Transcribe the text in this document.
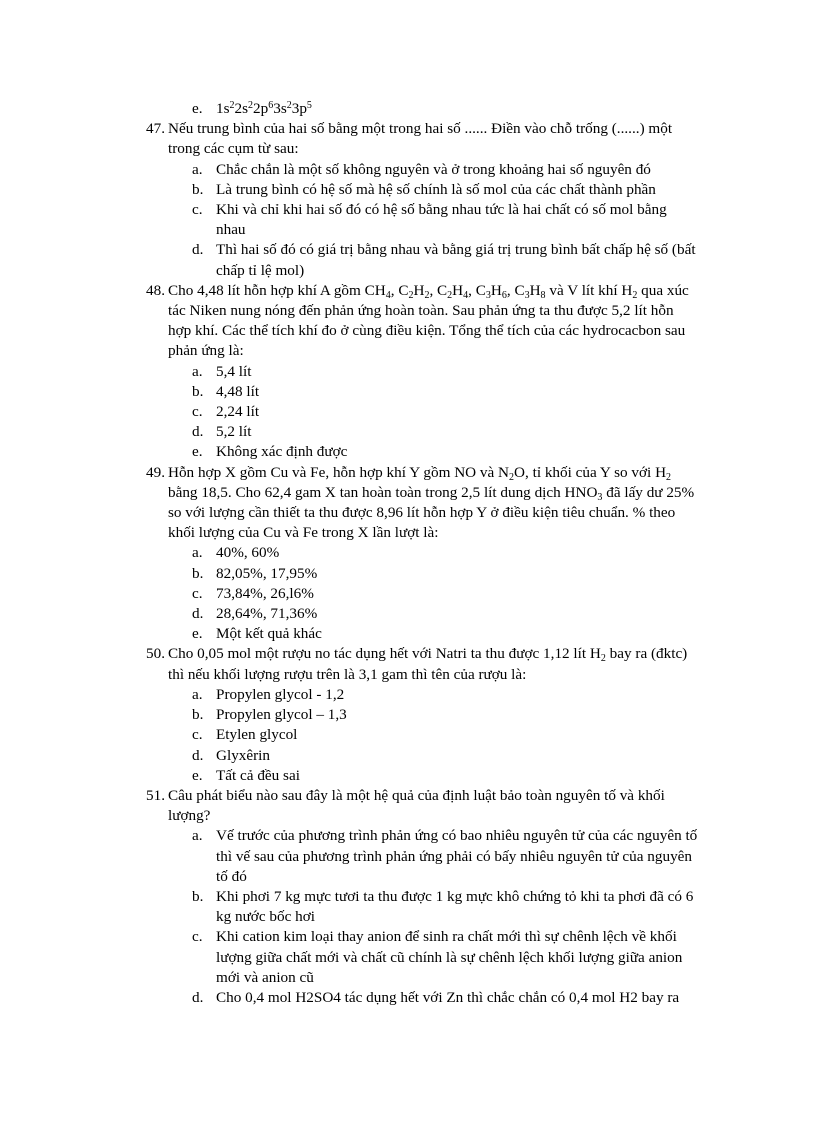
e. $1s^22s^22p^63s^23p^5$
47. Nếu trung bình của hai số bằng một trong hai số ...... Điền vào chỗ trống (......) một trong các cụm từ sau:
a. Chắc chắn là một số không nguyên và ở trong khoảng hai số nguyên đó
b. Là trung bình có hệ số mà hệ số chính là số mol của các chất thành phần
c. Khi và chỉ khi hai số đó có hệ số bằng nhau tức là hai chất có số mol bằng nhau
d. Thì hai số đó có giá trị bằng nhau và bằng giá trị trung bình bất chấp hệ số (bất chấp tỉ lệ mol)
48. Cho 4,48 lít hỗn hợp khí A gồm $CH_4$, $C_2H_2$, $C_2H_4$, $C_3H_6$, $C_3H_8$ và V lít khí $H_2$ qua xúc tác Niken nung nóng đến phản ứng hoàn toàn. Sau phản ứng ta thu được 5,2 lít hỗn hợp khí. Các thể tích khí đo ở cùng điều kiện. Tổng thể tích của các hydrocacbon sau phản ứng là:
a. 5,4 lít
b. 4,48 lít
c. 2,24 lít
d. 5,2 lít
e. Không xác định được
49. Hỗn hợp X gồm Cu và Fe, hỗn hợp khí Y gồm NO và $N_2O$, tỉ khối của Y so với $H_2$ bằng 18,5. Cho 62,4 gam X tan hoàn toàn trong 2,5 lít dung dịch $HNO_3$ đã lấy dư 25% so với lượng cần thiết ta thu được 8,96 lít hỗn hợp Y ở điều kiện tiêu chuẩn. % theo khối lượng của Cu và Fe trong X lần lượt là:
a. 40%, 60%
b. 82,05%, 17,95%
c. 73,84%, 26,l6%
d. 28,64%, 71,36%
e. Một kết quả khác
50. Cho 0,05 mol một rượu no tác dụng hết với Natri ta thu được 1,12 lít $H_2$ bay ra (đktc) thì nếu khối lượng rượu trên là 3,1 gam thì tên của rượu là:
a. Propylen glycol - 1,2
b. Propylen glycol – 1,3
c. Etylen glycol
d. Glyxêrin
e. Tất cả đều sai
51. Câu phát biểu nào sau đây là một hệ quả của định luật bảo toàn nguyên tố và khối lượng?
a. Vế trước của phương trình phản ứng có bao nhiêu nguyên tử của các nguyên tố thì vế sau của phương trình phản ứng phải có bấy nhiêu nguyên tử của nguyên tố đó
b. Khi phơi 7 kg mực tươi ta thu được 1 kg mực khô chứng tỏ khi ta phơi đã có 6 kg nước bốc hơi
c. Khi cation kim loại thay anion để sinh ra chất mới thì sự chênh lệch về khối lượng giữa chất mới và chất cũ chính là sự chênh lệch khối lượng giữa anion mới và anion cũ
d. Cho 0,4 mol H2SO4 tác dụng hết với Zn thì chắc chắn có 0,4 mol H2 bay ra
